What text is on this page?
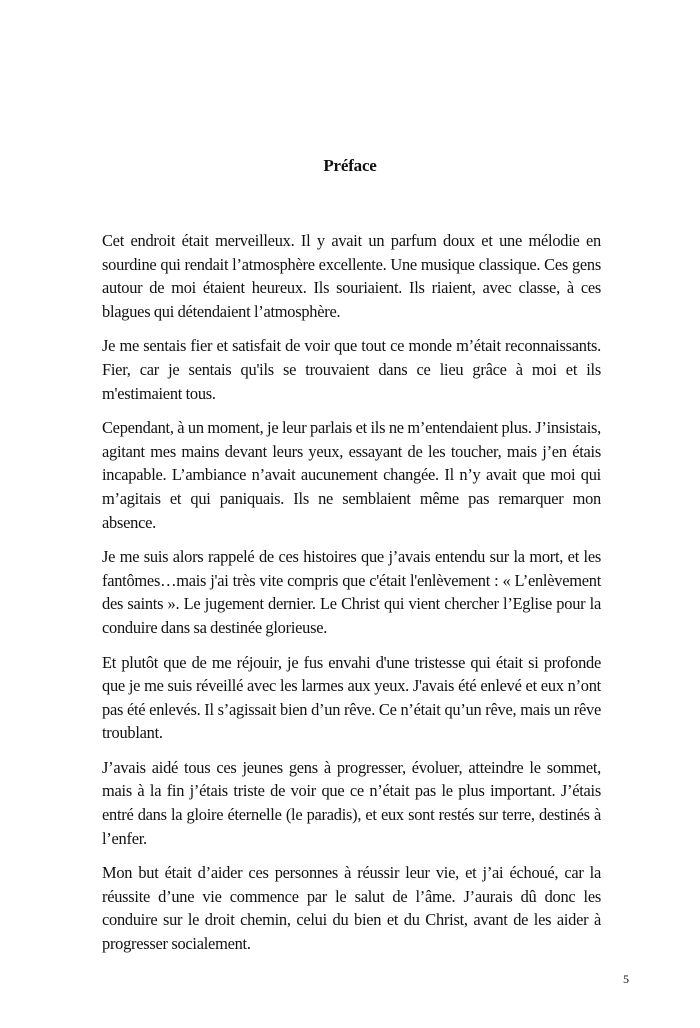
Préface

Cet endroit était merveilleux. Il y avait un parfum doux et une mélodie en sourdine qui rendait l’atmosphère excellente. Une musique classique. Ces gens autour de moi étaient heureux. Ils souriaient. Ils riaient, avec classe, à ces blagues qui détendaient l’atmosphère.

Je me sentais fier et satisfait de voir que tout ce monde m’était reconnaissants. Fier, car je sentais qu'ils se trouvaient dans ce lieu grâce à moi et ils m'estimaient tous.

Cependant, à un moment, je leur parlais et ils ne m’entendaient plus. J’insistais, agitant mes mains devant leurs yeux, essayant de les toucher, mais j’en étais incapable. L’ambiance n’avait aucunement changée. Il n’y avait que moi qui m’agitais et qui paniquais. Ils ne semblaient même pas remarquer mon absence.

Je me suis alors rappelé de ces histoires que j’avais entendu sur la mort, et les fantômes…mais j'ai très vite compris que c'était l'enlèvement : « L’enlèvement des saints ». Le jugement dernier. Le Christ qui vient chercher l’Eglise pour la conduire dans sa destinée glorieuse.

Et plutôt que de me réjouir, je fus envahi d'une tristesse qui était si profonde que je me suis réveillé avec les larmes aux yeux. J'avais été enlevé et eux n’ont pas été enlevés. Il s’agissait bien d’un rêve. Ce n’était qu’un rêve, mais un rêve troublant.

J’avais aidé tous ces jeunes gens à progresser, évoluer, atteindre le sommet, mais à la fin j’étais triste de voir que ce n’était pas le plus important. J’étais entré dans la gloire éternelle (le paradis), et eux sont restés sur terre, destinés à l’enfer.

Mon but était d’aider ces personnes à réussir leur vie, et j’ai échoué, car la réussite d’une vie commence par le salut de l’âme. J’aurais dû donc les conduire sur le droit chemin, celui du bien et du Christ, avant de les aider à progresser socialement.

5
